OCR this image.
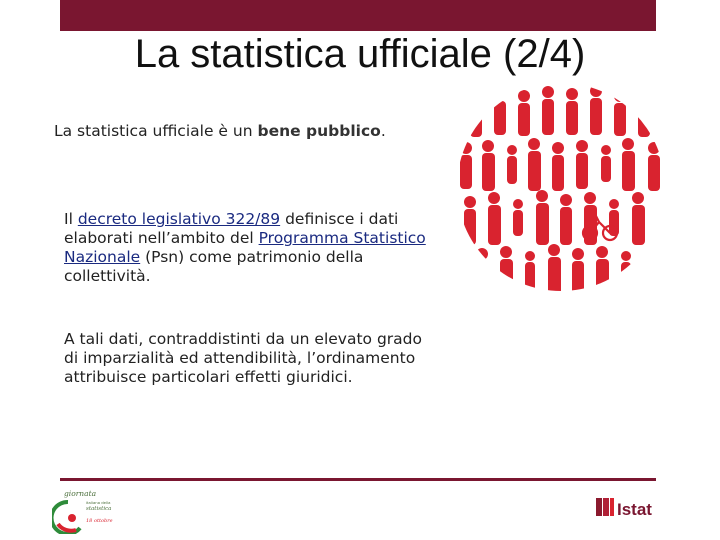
La statistica ufficiale (2/4)

La statistica ufficiale è un bene pubblico.

Il decreto legislativo 322/89 definisce i dati elaborati nell’ambito del Programma Statistico Nazionale (Psn) come patrimonio della collettività.

A tali dati, contraddistinti da un elevato grado di imparzialità ed attendibilità, l’ordinamento attribuisce particolari effetti giuridici.

giornata
italiana della
statistica
18 ottobre
Istat
